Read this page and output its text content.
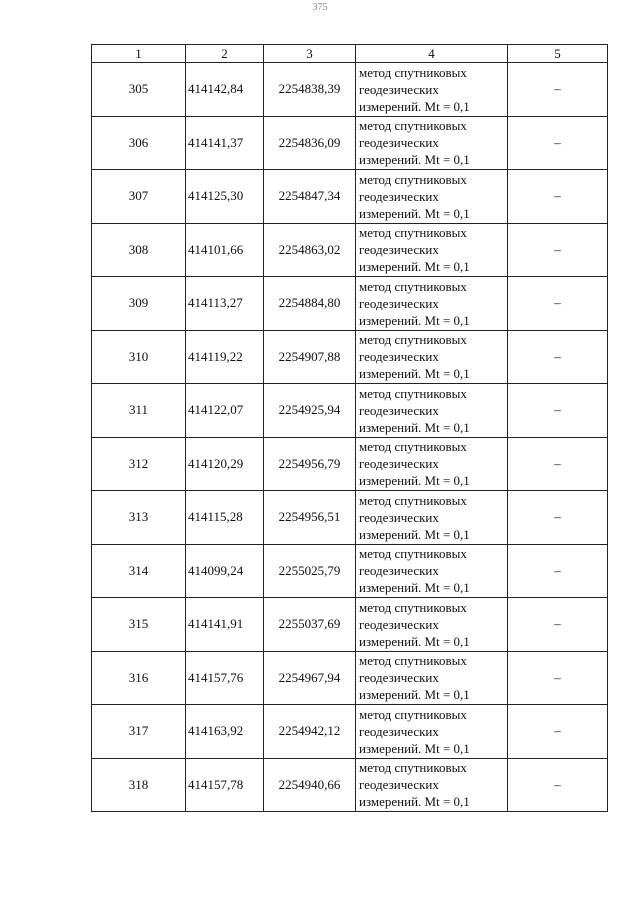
375
1	2	3	4	5
305	414142,84	2254838,39	метод спутниковых
геодезических
измерений. Mt = 0,1	–
306	414141,37	2254836,09	метод спутниковых
геодезических
измерений. Mt = 0,1	–
307	414125,30	2254847,34	метод спутниковых
геодезических
измерений. Mt = 0,1	–
308	414101,66	2254863,02	метод спутниковых
геодезических
измерений. Mt = 0,1	–
309	414113,27	2254884,80	метод спутниковых
геодезических
измерений. Mt = 0,1	–
310	414119,22	2254907,88	метод спутниковых
геодезических
измерений. Mt = 0,1	–
311	414122,07	2254925,94	метод спутниковых
геодезических
измерений. Mt = 0,1	–
312	414120,29	2254956,79	метод спутниковых
геодезических
измерений. Mt = 0,1	–
313	414115,28	2254956,51	метод спутниковых
геодезических
измерений. Mt = 0,1	–
314	414099,24	2255025,79	метод спутниковых
геодезических
измерений. Mt = 0,1	–
315	414141,91	2255037,69	метод спутниковых
геодезических
измерений. Mt = 0,1	–
316	414157,76	2254967,94	метод спутниковых
геодезических
измерений. Mt = 0,1	–
317	414163,92	2254942,12	метод спутниковых
геодезических
измерений. Mt = 0,1	–
318	414157,78	2254940,66	метод спутниковых
геодезических
измерений. Mt = 0,1	–
